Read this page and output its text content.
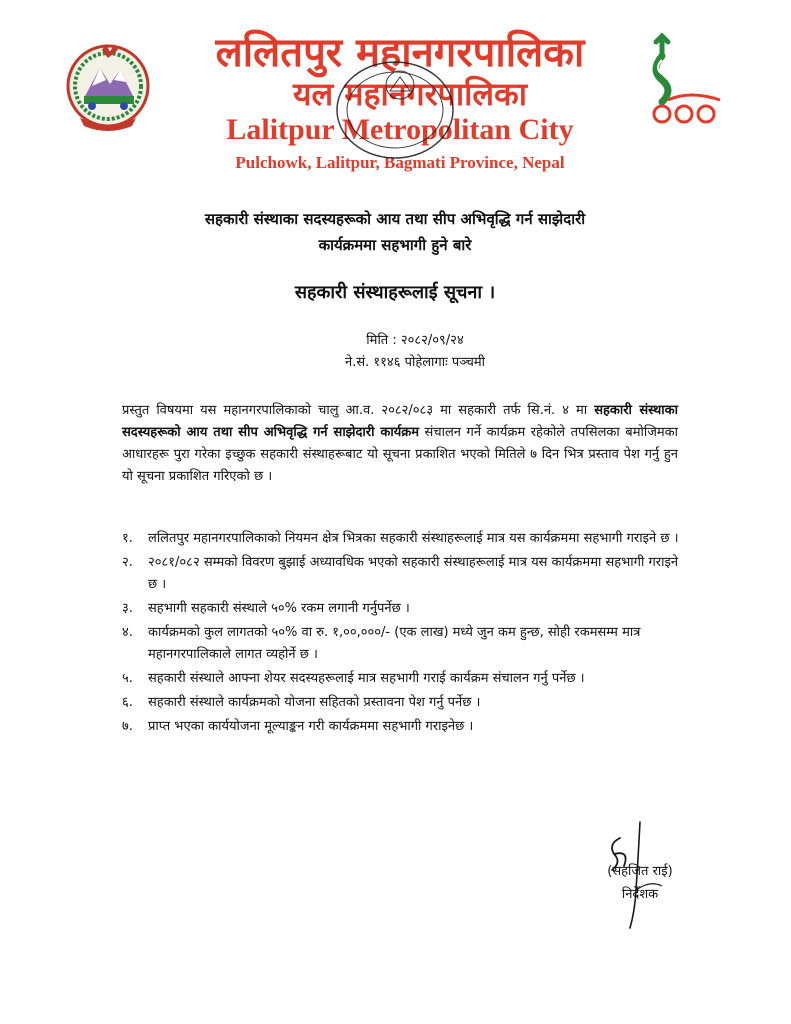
ललितपुर महानगरपालिका
यल महानगरपालिका
Lalitpur Metropolitan City
Pulchowk, Lalitpur, Bagmati Province, Nepal
सहकारी संस्थाका सदस्यहरूको आय तथा सीप अभिवृद्धि गर्न साझेदारी
कार्यक्रममा सहभागी हुने बारे
सहकारी संस्थाहरूलाई सूचना ।
मिति : २०८२/०९/२४
ने.सं. ११४६ पोहेलागाः पञ्चमी
प्रस्तुत विषयमा यस महानगरपालिकाको चालु आ.व. २०८२/०८३ मा सहकारी तर्फ सि.नं. ४ मा सहकारी संस्थाका सदस्यहरूको आय तथा सीप अभिवृद्धि गर्न साझेदारी कार्यक्रम संचालन गर्ने कार्यक्रम रहेकोले तपसिलका बमोजिमका आधारहरू पुरा गरेका इच्छुक सहकारी संस्थाहरूबाट यो सूचना प्रकाशित भएको मितिले ७ दिन भित्र प्रस्ताव पेश गर्नु हुन यो सूचना प्रकाशित गरिएको छ ।
१.	ललितपुर महानगरपालिकाको नियमन क्षेत्र भित्रका सहकारी संस्थाहरूलाई मात्र यस कार्यक्रममा सहभागी गराइने छ ।
२.	२०८१/०८२ सम्मको विवरण बुझाई अध्यावधिक भएको सहकारी संस्थाहरूलाई मात्र यस कार्यक्रममा सहभागी गराइने छ ।
३.	सहभागी सहकारी संस्थाले ५०% रकम लगानी गर्नुपर्नेछ ।
४.	कार्यक्रमको कुल लागतको ५०% वा रु. १,००,०००/- (एक लाख) मध्ये जुन कम हुन्छ, सोही रकमसम्म मात्र महानगरपालिकाले लागत व्यहोर्ने छ ।
५.	सहकारी संस्थाले आफ्ना शेयर सदस्यहरूलाई मात्र सहभागी गराई कार्यक्रम संचालन गर्नु पर्नेछ ।
६.	सहकारी संस्थाले कार्यक्रमको योजना सहितको प्रस्तावना पेश गर्नु पर्नेछ ।
७.	प्राप्त भएका कार्ययोजना मूल्याङ्कन गरी कार्यक्रममा सहभागी गराइनेछ ।
(सहजित राई)
निर्देशक
